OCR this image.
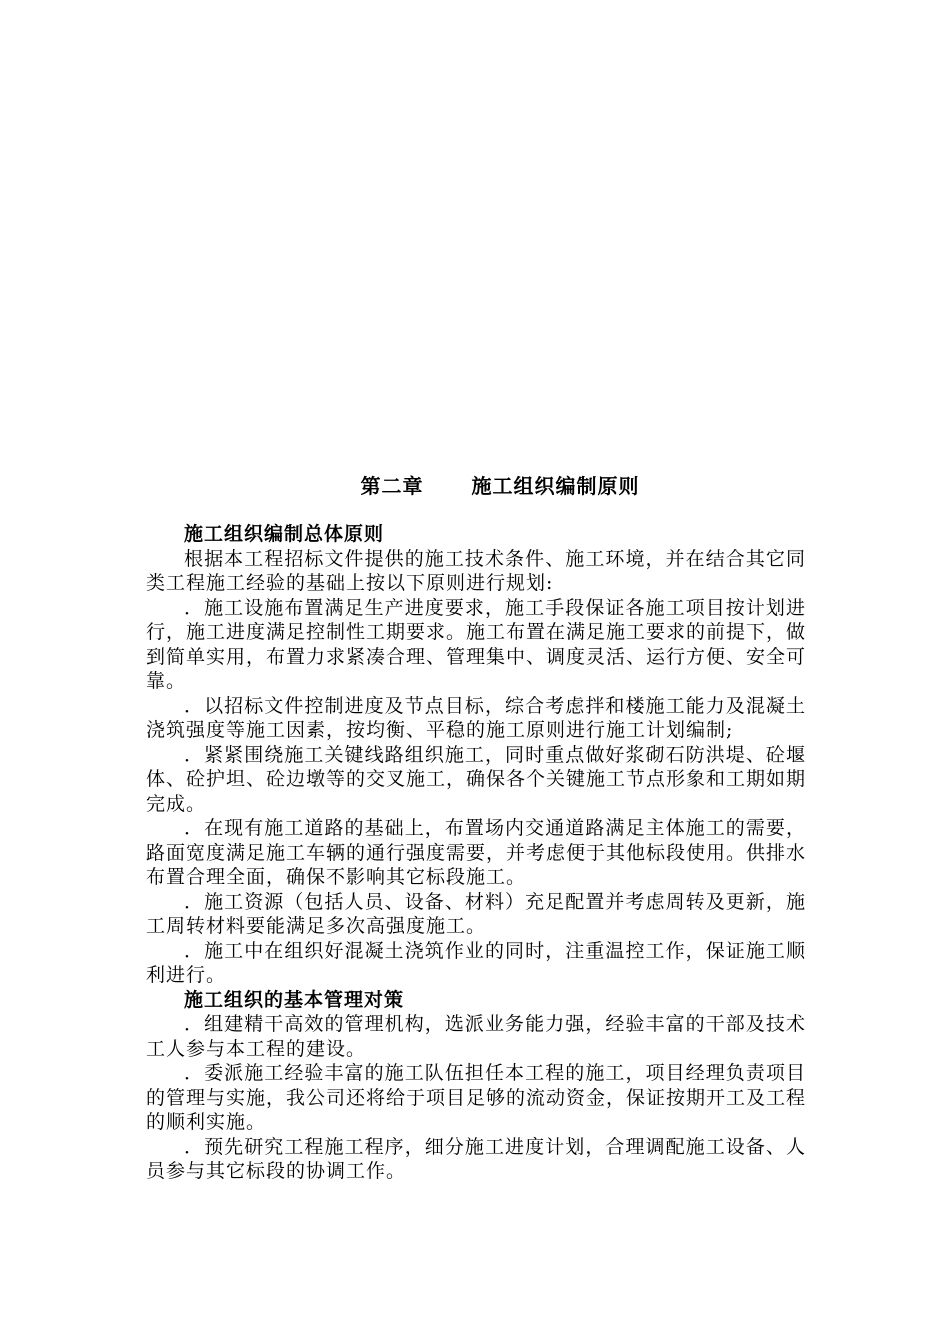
第二章 施工组织编制原则
施工组织编制总体原则

根据本工程招标文件提供的施工技术条件、施工环境，并在结合其它同类工程施工经验的基础上按以下原则进行规划:

．施工设施布置满足生产进度要求，施工手段保证各施工项目按计划进行，施工进度满足控制性工期要求。施工布置在满足施工要求的前提下，做到简单实用，布置力求紧凑合理、管理集中、调度灵活、运行方便、安全可靠。

．以招标文件控制进度及节点目标，综合考虑拌和楼施工能力及混凝土浇筑强度等施工因素，按均衡、平稳的施工原则进行施工计划编制;

．紧紧围绕施工关键线路组织施工，同时重点做好浆砌石防洪堤、砼堰体、砼护坦、砼边墩等的交叉施工，确保各个关键施工节点形象和工期如期完成。

．在现有施工道路的基础上，布置场内交通道路满足主体施工的需要，路面宽度满足施工车辆的通行强度需要，并考虑便于其他标段使用。供排水布置合理全面，确保不影响其它标段施工。

．施工资源（包括人员、设备、材料）充足配置并考虑周转及更新，施工周转材料要能满足多次高强度施工。

．施工中在组织好混凝土浇筑作业的同时，注重温控工作，保证施工顺利进行。

施工组织的基本管理对策

．组建精干高效的管理机构，选派业务能力强，经验丰富的干部及技术工人参与本工程的建设。

．委派施工经验丰富的施工队伍担任本工程的施工，项目经理负责项目的管理与实施，我公司还将给于项目足够的流动资金，保证按期开工及工程的顺利实施。

．预先研究工程施工程序，细分施工进度计划，合理调配施工设备、人员参与其它标段的协调工作。
